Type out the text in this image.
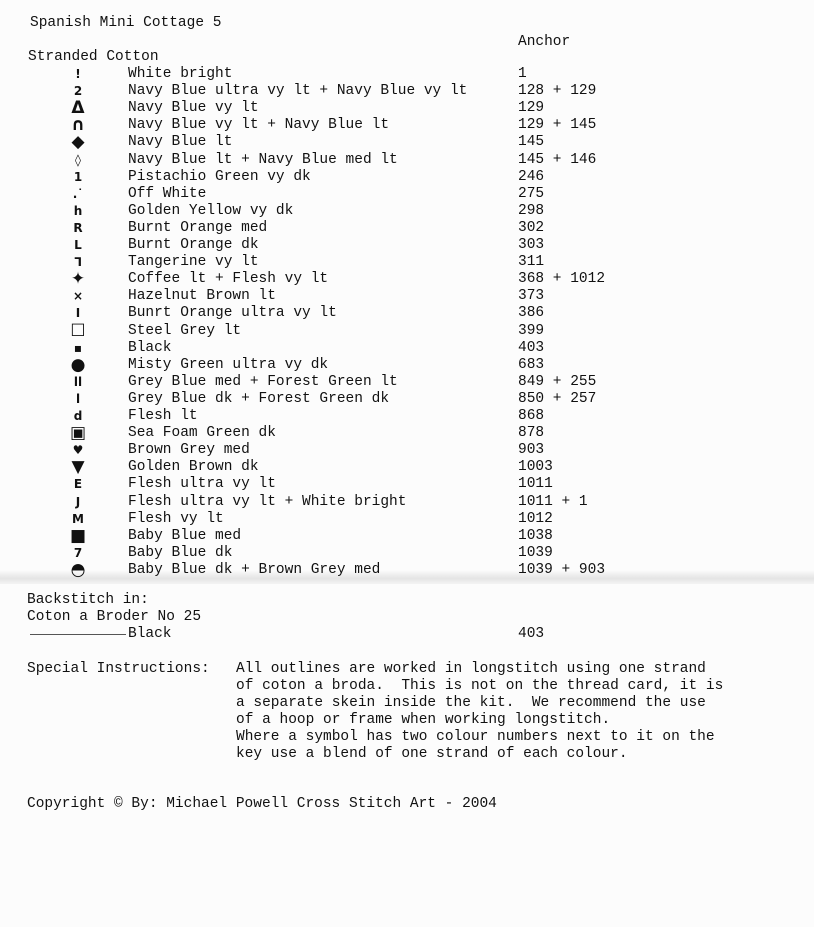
Spanish Mini Cottage 5
Anchor
Stranded Cotton
!	White bright	1
2	Navy Blue ultra vy lt + Navy Blue vy lt	128 + 129
Δ	Navy Blue vy lt	129
∩	Navy Blue vy lt + Navy Blue lt	129 + 145
◆	Navy Blue lt	145
◊	Navy Blue lt + Navy Blue med lt	145 + 146
1	Pistachio Green vy dk	246
.˙	Off White	275
h	Golden Yellow vy dk	298
R	Burnt Orange med	302
L	Burnt Orange dk	303
⅂	Tangerine vy lt	311
✦	Coffee lt + Flesh vy lt	368 + 1012
×	Hazelnut Brown lt	373
I	Bunrt Orange ultra vy lt	386
☐	Steel Grey lt	399
▪	Black	403
●	Misty Green ultra vy dk	683
ll	Grey Blue med + Forest Green lt	849 + 255
l	Grey Blue dk + Forest Green dk	850 + 257
d	Flesh lt	868
▣	Sea Foam Green dk	878
♥	Brown Grey med	903
▼	Golden Brown dk	1003
E	Flesh ultra vy lt	1011
J	Flesh ultra vy lt + White bright	1011 + 1
M	Flesh vy lt	1012
■	Baby Blue med	1038
7	Baby Blue dk	1039
◓	Baby Blue dk + Brown Grey med	1039 + 903
Backstitch in:
Coton a Broder No 25
Black	403
Special Instructions: All outlines are worked in longstitch using one strand
of coton a broda.  This is not on the thread card, it is
a separate skein inside the kit.  We recommend the use
of a hoop or frame when working longstitch.
Where a symbol has two colour numbers next to it on the
key use a blend of one strand of each colour.
Copyright © By: Michael Powell Cross Stitch Art - 2004
